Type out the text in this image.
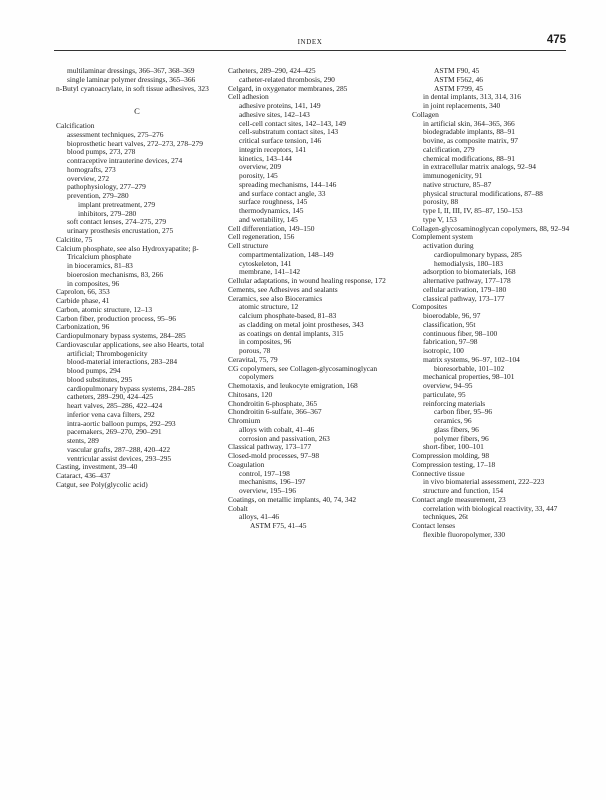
INDEX	475
multilaminar dressings, 366–367, 368–369
single laminar polymer dressings, 365–366
n-Butyl cyanoacrylate, in soft tissue adhesives, 323
C
Calcification
assessment techniques, 275–276
bioprosthetic heart valves, 272–273, 278–279
blood pumps, 273, 278
contraceptive intrauterine devices, 274
homografts, 273
overview, 272
pathophysiology, 277–279
prevention, 279–280
implant pretreatment, 279
inhibitors, 279–280
soft contact lenses, 274–275, 279
urinary prosthesis encrustation, 275
Calcitite, 75
Calcium phosphate, see also Hydroxyapatite; β-Tricalcium phosphate
in bioceramics, 81–83
bioerosion mechanisms, 83, 266
in composites, 96
Caprolon, 66, 353
Carbide phase, 41
Carbon, atomic structure, 12–13
Carbon fiber, production process, 95–96
Carbonization, 96
Cardiopulmonary bypass systems, 284–285
Cardiovascular applications, see also Hearts, total artificial; Thrombogenicity
blood-material interactions, 283–284
blood pumps, 294
blood substitutes, 295
cardiopulmonary bypass systems, 284–285
catheters, 289–290, 424–425
heart valves, 285–286, 422–424
inferior vena cava filters, 292
intra-aortic balloon pumps, 292–293
pacemakers, 269–270, 290–291
stents, 289
vascular grafts, 287–288, 420–422
ventricular assist devices, 293–295
Casting, investment, 39–40
Cataract, 436–437
Catgut, see Poly(glycolic acid)
Catheters, 289–290, 424–425
catheter-related thrombosis, 290
Celgard, in oxygenator membranes, 285
Cell adhesion
adhesive proteins, 141, 149
adhesive sites, 142–143
cell-cell contact sites, 142–143, 149
cell-substratum contact sites, 143
critical surface tension, 146
integrin receptors, 141
kinetics, 143–144
overview, 209
porosity, 145
spreading mechanisms, 144–146
and surface contact angle, 33
surface roughness, 145
thermodynamics, 145
and wettability, 145
Cell differentiation, 149–150
Cell regeneration, 156
Cell structure
compartmentalization, 148–149
cytoskeleton, 141
membrane, 141–142
Cellular adaptations, in wound healing response, 172
Cements, see Adhesives and sealants
Ceramics, see also Bioceramics
atomic structure, 12
calcium phosphate-based, 81–83
as cladding on metal joint prostheses, 343
as coatings on dental implants, 315
in composites, 96
porous, 78
Ceravital, 75, 79
CG copolymers, see Collagen-glycosaminoglycan copolymers
Chemotaxis, and leukocyte emigration, 168
Chitosans, 120
Chondroitin 6-phosphate, 365
Chondroitin 6-sulfate, 366–367
Chromium
alloys with cobalt, 41–46
corrosion and passivation, 263
Classical pathway, 173–177
Closed-mold processes, 97–98
Coagulation
control, 197–198
mechanisms, 196–197
overview, 195–196
Coatings, on metallic implants, 40, 74, 342
Cobalt
alloys, 41–46
ASTM F75, 41–45
ASTM F90, 45
ASTM F562, 46
ASTM F799, 45
in dental implants, 313, 314, 316
in joint replacements, 340
Collagen
in artificial skin, 364–365, 366
biodegradable implants, 88–91
bovine, as composite matrix, 97
calcification, 279
chemical modifications, 88–91
in extracellular matrix analogs, 92–94
immunogenicity, 91
native structure, 85–87
physical structural modifications, 87–88
porosity, 88
type I, II, III, IV, 85–87, 150–153
type V, 153
Collagen-glycosaminoglycan copolymers, 88, 92–94
Complement system
activation during
cardiopulmonary bypass, 285
hemodialysis, 180–183
adsorption to biomaterials, 168
alternative pathway, 177–178
cellular activation, 179–180
classical pathway, 173–177
Composites
bioerodable, 96, 97
classification, 95t
continuous fiber, 98–100
fabrication, 97–98
isotropic, 100
matrix systems, 96–97, 102–104
bioresorbable, 101–102
mechanical properties, 98–101
overview, 94–95
particulate, 95
reinforcing materials
carbon fiber, 95–96
ceramics, 96
glass fibers, 96
polymer fibers, 96
short-fiber, 100–101
Compression molding, 98
Compression testing, 17–18
Connective tissue
in vivo biomaterial assessment, 222–223
structure and function, 154
Contact angle measurement, 23
correlation with biological reactivity, 33, 447
techniques, 26t
Contact lenses
flexible fluoropolymer, 330
